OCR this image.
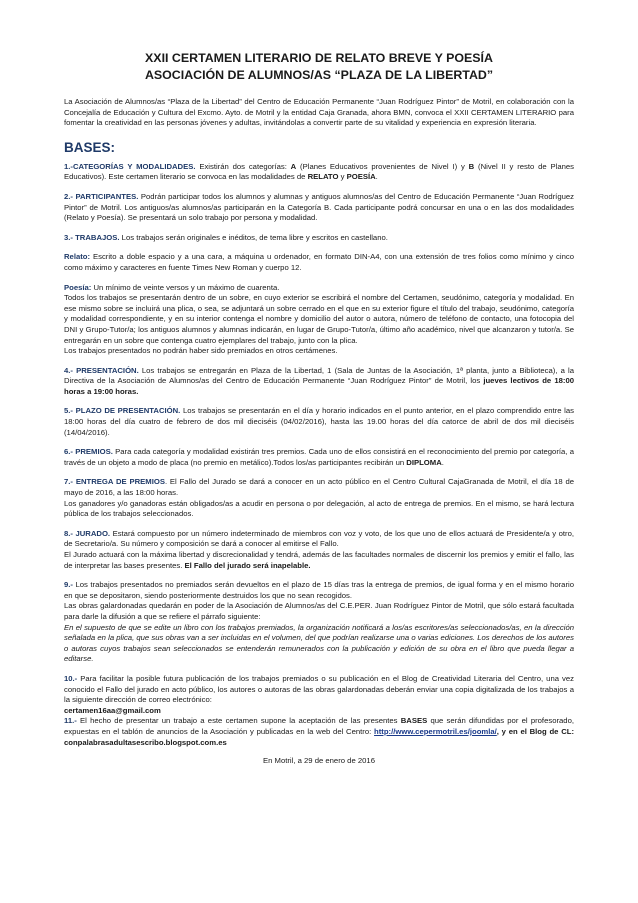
XXII CERTAMEN LITERARIO DE RELATO BREVE Y POESÍA
ASOCIACIÓN DE ALUMNOS/AS “PLAZA DE LA LIBERTAD”

La Asociación de Alumnos/as “Plaza de la Libertad” del Centro de Educación Permanente “Juan Rodríguez Pintor” de Motril, en colaboración con la Concejalía de Educación y Cultura del Excmo. Ayto. de Motril y la entidad Caja Granada, ahora BMN, convoca el XXII CERTAMEN LITERARIO para fomentar la creatividad en las personas jóvenes y adultas, invitándolas a convertir parte de su vitalidad y experiencia en expresión literaria.

BASES:

1.-CATEGORÍAS Y MODALIDADES. Existirán dos categorías: A (Planes Educativos provenientes de Nivel I) y B (Nivel II y resto de Planes Educativos). Este certamen literario se convoca en las modalidades de RELATO y POESÍA.

2.- PARTICIPANTES. Podrán participar todos los alumnos y alumnas y antiguos alumnos/as del Centro de Educación Permanente “Juan Rodríguez Pintor” de Motril. Los antiguos/as alumnos/as participarán en la Categoría B. Cada participante podrá concursar en una o en las dos modalidades (Relato y Poesía). Se presentará un solo trabajo por persona y modalidad.

3.- TRABAJOS. Los trabajos serán originales e inéditos, de tema libre y escritos en castellano.

Relato: Escrito a doble espacio y a una cara, a máquina u ordenador, en formato DIN-A4, con una extensión de tres folios como mínimo y cinco como máximo y caracteres en fuente Times New Roman y cuerpo 12.

Poesía: Un mínimo de veinte versos y un máximo de cuarenta.

Todos los trabajos se presentarán dentro de un sobre, en cuyo exterior se escribirá el nombre del Certamen, seudónimo, categoría y modalidad. En ese mismo sobre se incluirá una plica, o sea, se adjuntará un sobre cerrado en el que en su exterior figure el título del trabajo, seudónimo, categoría y modalidad correspondiente, y en su interior contenga el nombre y domicilio del autor o autora, número de teléfono de contacto, una fotocopia del DNI y Grupo-Tutor/a; los antiguos alumnos y alumnas indicarán, en lugar de Grupo-Tutor/a, último año académico, nivel que alcanzaron y tutor/a. Se entregarán en un sobre que contenga cuatro ejemplares del trabajo, junto con la plica.

Los trabajos presentados no podrán haber sido premiados en otros certámenes.

4.- PRESENTACIÓN. Los trabajos se entregarán en Plaza de la Libertad, 1 (Sala de Juntas de la Asociación, 1ª planta, junto a Biblioteca), a la Directiva de la Asociación de Alumnos/as del Centro de Educación Permanente “Juan Rodríguez Pintor” de Motril, los jueves lectivos de 18:00 horas a 19:00 horas.

5.- PLAZO DE PRESENTACIÓN. Los trabajos se presentarán en el día y horario indicados en el punto anterior, en el plazo comprendido entre las 18:00 horas del día cuatro de febrero de dos mil dieciséis (04/02/2016), hasta las 19.00 horas del día catorce de abril de dos mil dieciséis (14/04/2016).

6.- PREMIOS. Para cada categoría y modalidad existirán tres premios. Cada uno de ellos consistirá en el reconocimiento del premio por categoría, a través de un objeto a modo de placa (no premio en metálico).Todos los/as participantes recibirán un DIPLOMA.

7.- ENTREGA DE PREMIOS. El Fallo del Jurado se dará a conocer en un acto público en el Centro Cultural CajaGranada de Motril, el día 18 de mayo de 2016, a las 18:00 horas.

Los ganadores y/o ganadoras están obligados/as a acudir en persona o por delegación, al acto de entrega de premios. En el mismo, se hará lectura pública de los trabajos seleccionados.

8.- JURADO. Estará compuesto por un número indeterminado de miembros con voz y voto, de los que uno de ellos actuará de Presidente/a y otro, de Secretario/a. Su número y composición se dará a conocer al emitirse el Fallo.

El Jurado actuará con la máxima libertad y discrecionalidad y tendrá, además de las facultades normales de discernir los premios y emitir el fallo, las de interpretar las bases presentes. El Fallo del jurado será inapelable.

9.- Los trabajos presentados no premiados serán devueltos en el plazo de 15 días tras la entrega de premios, de igual forma y en el mismo horario en que se depositaron, siendo posteriormente destruidos los que no sean recogidos.

Las obras galardonadas quedarán en poder de la Asociación de Alumnos/as del C.E.PER. Juan Rodríguez Pintor de Motril, que sólo estará facultada para darle la difusión a que se refiere el párrafo siguiente:

En el supuesto de que se edite un libro con los trabajos premiados, la organización notificará a los/as escritores/as seleccionados/as, en la dirección señalada en la plica, que sus obras van a ser incluidas en el volumen, del que podrían realizarse una o varias ediciones. Los derechos de los autores o autoras cuyos trabajos sean seleccionados se entenderán remunerados con la publicación y edición de su obra en el libro que pueda llegar a editarse.

10.- Para facilitar la posible futura publicación de los trabajos premiados o su publicación en el Blog de Creatividad Literaria del Centro, una vez conocido el Fallo del jurado en acto público, los autores o autoras de las obras galardonadas deberán enviar una copia digitalizada de los trabajos a la siguiente dirección de correo electrónico:

certamen16aa@gmail.com

11.- El hecho de presentar un trabajo a este certamen supone la aceptación de las presentes BASES que serán difundidas por el profesorado, expuestas en el tablón de anuncios de la Asociación y publicadas en la web del Centro: http://www.cepermotril.es/joomla/, y en el Blog de CL: conpalabrasadultasescribo.blogspot.com.es

En Motril, a 29 de enero de 2016
